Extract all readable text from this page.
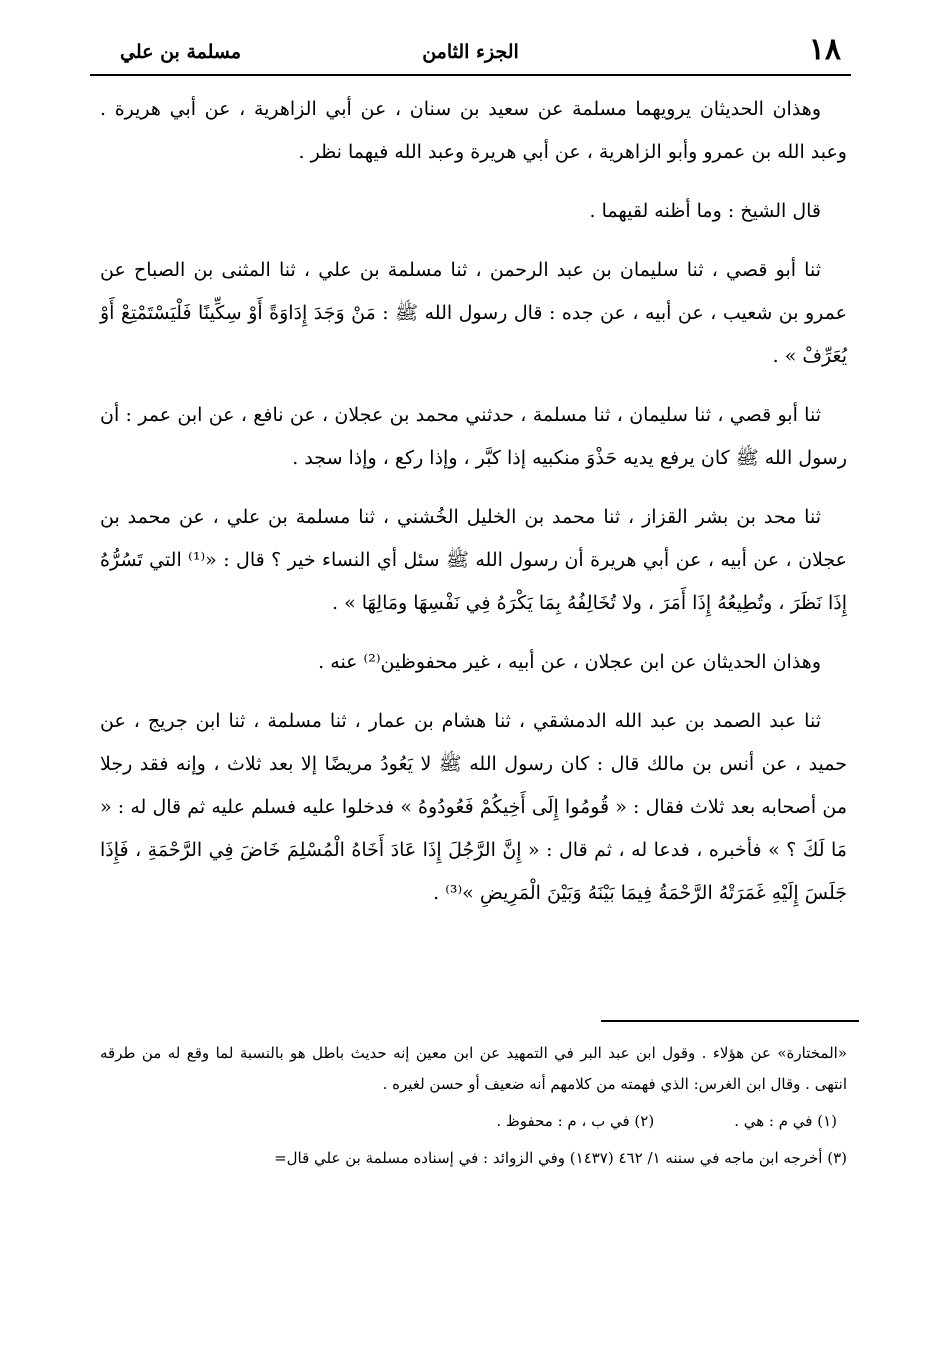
١٨
الجزء الثامن
مسلمة بن علي

وهذان الحديثان يرويهما مسلمة عن سعيد بن سنان ، عن أبي الزاهرية ، عن أبي هريرة . وعبد الله بن عمرو وأبو الزاهرية ، عن أبي هريرة وعبد الله فيهما نظر .

قال الشيخ : وما أظنه لقيهما .

ثنا أبو قصي ، ثنا سليمان بن عبد الرحمن ، ثنا مسلمة بن علي ، ثنا المثنى بن الصباح عن عمرو بن شعيب ، عن أبيه ، عن جده : قال رسول الله ﷺ : مَنْ وَجَدَ إِدَاوَةً أَوْ سِكِّينًا فَلْيَسْتَمْتِعْ أَوْ يُعَرِّفْ » .

ثنا أبو قصي ، ثنا سليمان ، ثنا مسلمة ، حدثني محمد بن عجلان ، عن نافع ، عن ابن عمر : أن رسول الله ﷺ كان يرفع يديه حَذْوَ منكبيه إذا كبَّر ، وإذا ركع ، وإذا سجد .

ثنا محد بن بشر القزاز ، ثنا محمد بن الخليل الخُشني ، ثنا مسلمة بن علي ، عن محمد بن عجلان ، عن أبيه ، عن أبي هريرة أن رسول الله ﷺ سئل أي النساء خير ؟ قال : «⁽¹⁾ التي تَسُرُّهُ إِذَا نَظَرَ ، وتُطِيعُهُ إِذَا أَمَرَ ، ولا تُخَالِفُهُ بِمَا يَكْرَهُ فِي نَفْسِهَا ومَالِهَا » .

وهذان الحديثان عن ابن عجلان ، عن أبيه ، غير محفوظين⁽²⁾ عنه .

ثنا عبد الصمد بن عبد الله الدمشقي ، ثنا هشام بن عمار ، ثنا مسلمة ، ثنا ابن جريج ، عن حميد ، عن أنس بن مالك قال : كان رسول الله ﷺ لا يَعُودُ مريضًا إلا بعد ثلاث ، وإنه فقد رجلا من أصحابه بعد ثلاث فقال : « قُومُوا إِلَى أَخِيكُمْ فَعُودُوهُ » فدخلوا عليه فسلم عليه ثم قال له : « مَا لَكَ ؟ » فأخبره ، فدعا له ، ثم قال : « إِنَّ الرَّجُلَ إِذَا عَادَ أَخَاهُ الْمُسْلِمَ خَاضَ فِي الرَّحْمَةِ ، فَإِذَا جَلَسَ إِلَيْهِ غَمَرَتْهُ الرَّحْمَةُ فِيمَا بَيْنَهُ وَبَيْنَ الْمَرِيضِ »⁽³⁾ .

«المختارة» عن هؤلاء . وقول ابن عبد البر في التمهيد عن ابن معين إنه حديث باطل هو بالنسبة لما وقع له من طرقه انتهى . وقال ابن الغرس: الذي فهمته من كلامهم أنه ضعيف أو حسن لغيره .

(١) في م : هي .
(٢) في ب ، م : محفوظ .

(٣) أخرجه ابن ماجه في سننه ١/ ٤٦٢ (١٤٣٧) وفي الزوائد : في إسناده مسلمة بن علي قال=
